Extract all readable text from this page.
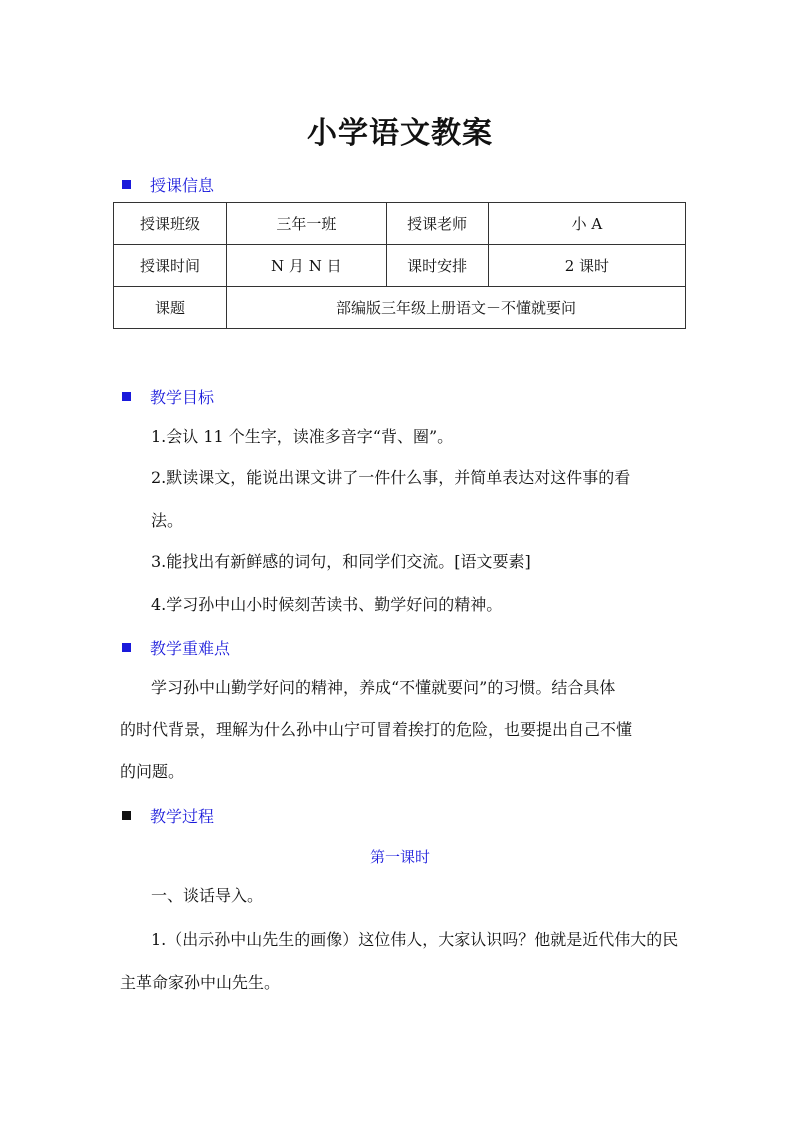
小学语文教案
授课信息
授课班级	三年一班	授课老师	小 A
授课时间	N 月 N 日	课时安排	2 课时
课题	部编版三年级上册语文－不懂就要问		
教学目标
1.会认 11 个生字，读准多音字“背、圈”。
2.默读课文，能说出课文讲了一件什么事，并简单表达对这件事的看
法。
3.能找出有新鲜感的词句，和同学们交流。[语文要素]
4.学习孙中山小时候刻苦读书、勤学好问的精神。
教学重难点
学习孙中山勤学好问的精神，养成“不懂就要问”的习惯。结合具体
的时代背景，理解为什么孙中山宁可冒着挨打的危险，也要提出自己不懂
的问题。
教学过程
第一课时
一、谈话导入。
1.（出示孙中山先生的画像）这位伟人，大家认识吗？他就是近代伟大的民
主革命家孙中山先生。
